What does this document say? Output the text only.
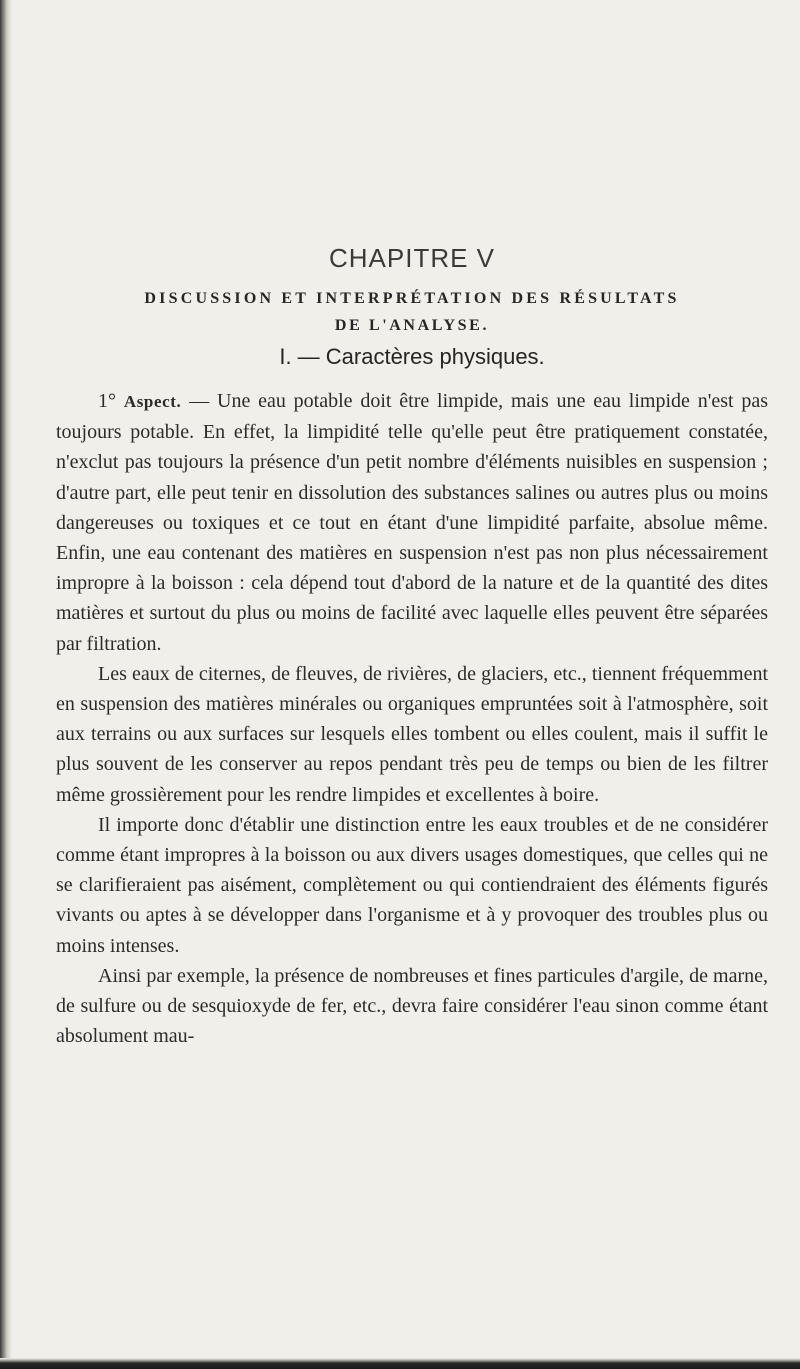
CHAPITRE V
DISCUSSION ET INTERPRÉTATION DES RÉSULTATS
DE L'ANALYSE.
I. — Caractères physiques.

1° Aspect. — Une eau potable doit être limpide, mais une eau limpide n'est pas toujours potable. En effet, la limpidité telle qu'elle peut être pratiquement constatée, n'exclut pas toujours la présence d'un petit nombre d'éléments nuisibles en suspension ; d'autre part, elle peut tenir en dissolution des substances salines ou autres plus ou moins dangereuses ou toxiques et ce tout en étant d'une limpidité parfaite, absolue même. Enfin, une eau contenant des matières en suspension n'est pas non plus nécessairement impropre à la boisson : cela dépend tout d'abord de la nature et de la quantité des dites matières et surtout du plus ou moins de facilité avec laquelle elles peuvent être séparées par filtration.

Les eaux de citernes, de fleuves, de rivières, de glaciers, etc., tiennent fréquemment en suspension des matières minérales ou organiques empruntées soit à l'atmosphère, soit aux terrains ou aux surfaces sur lesquels elles tombent ou elles coulent, mais il suffit le plus souvent de les conserver au repos pendant très peu de temps ou bien de les filtrer même grossièrement pour les rendre limpides et excellentes à boire.

Il importe donc d'établir une distinction entre les eaux troubles et de ne considérer comme étant impropres à la boisson ou aux divers usages domestiques, que celles qui ne se clarifieraient pas aisément, complètement ou qui contiendraient des éléments figurés vivants ou aptes à se développer dans l'organisme et à y provoquer des troubles plus ou moins intenses.

Ainsi par exemple, la présence de nombreuses et fines particules d'argile, de marne, de sulfure ou de sesquioxyde de fer, etc., devra faire considérer l'eau sinon comme étant absolument mau-
